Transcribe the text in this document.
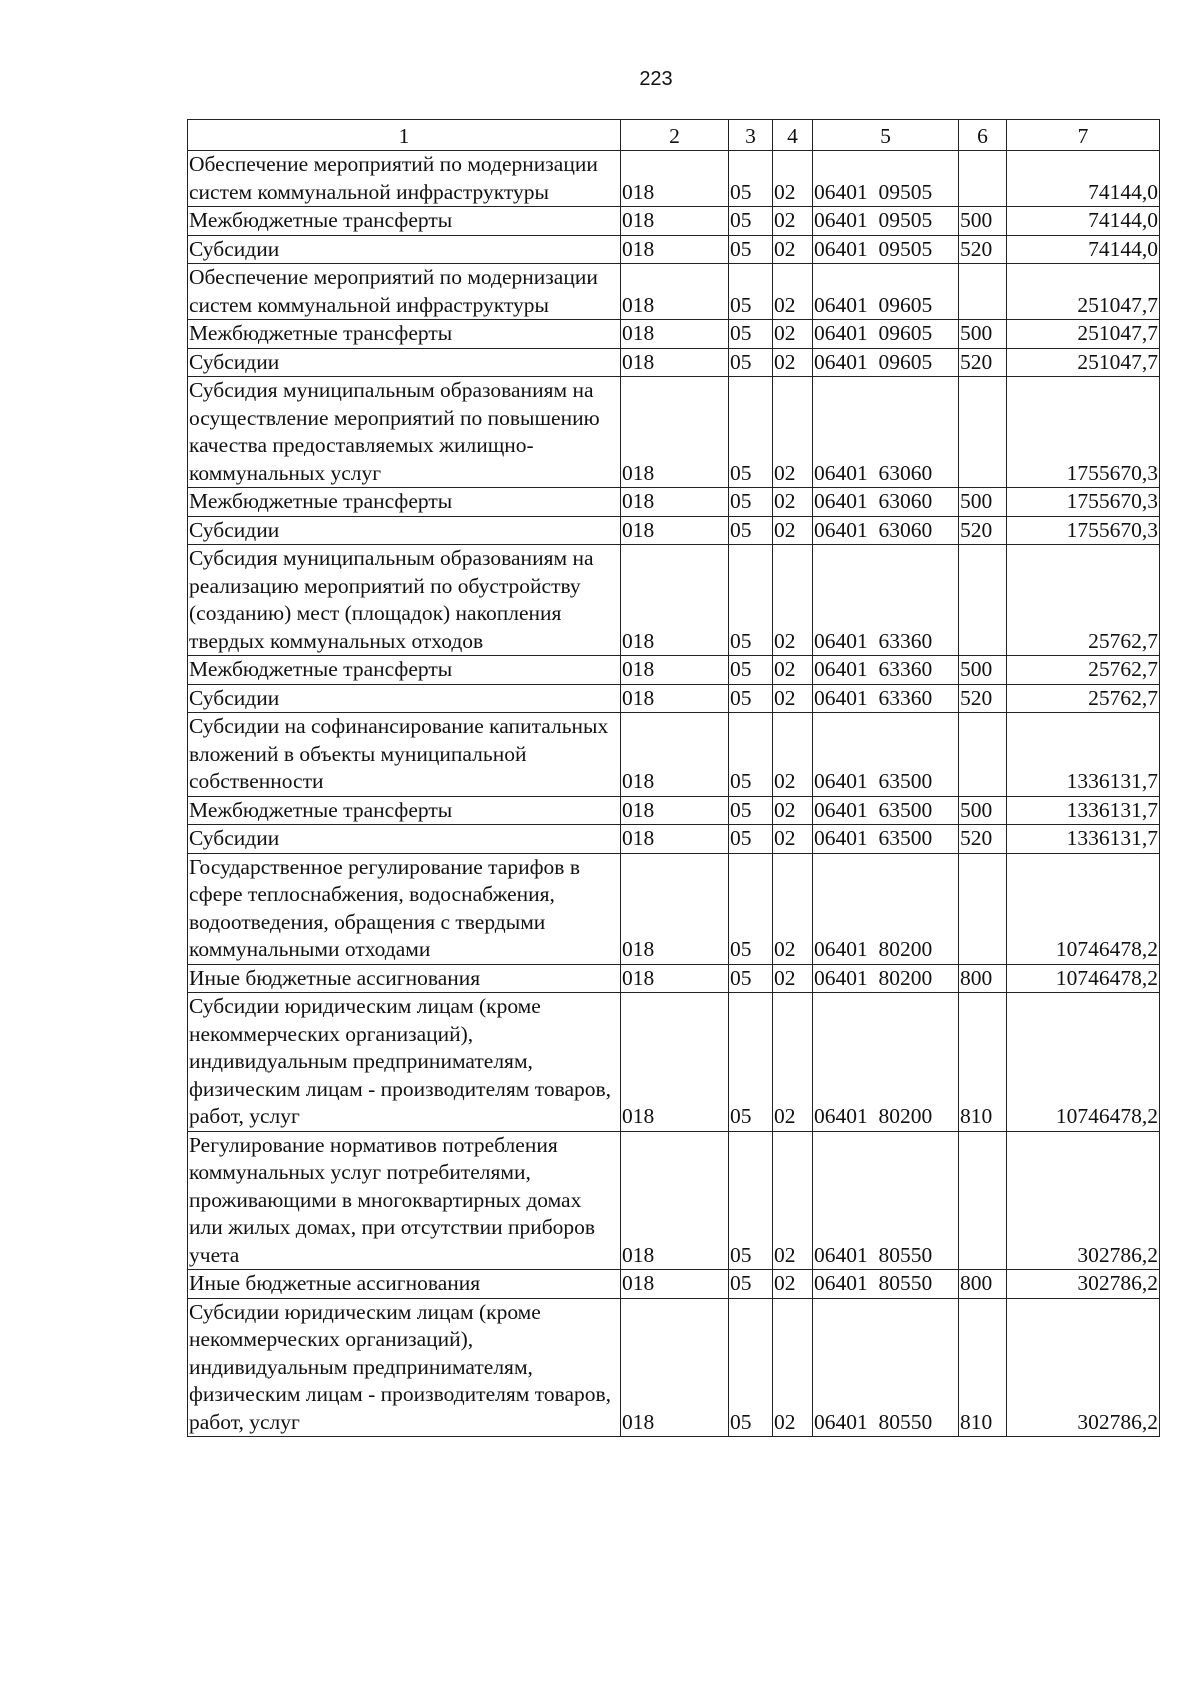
223
1	2	3	4	5	6	7
Обеспечение мероприятий по модернизации систем коммунальной инфраструктуры	018	05	02	06401  09505		74144,0
Межбюджетные трансферты	018	05	02	06401  09505	500	74144,0
Субсидии	018	05	02	06401  09505	520	74144,0
Обеспечение мероприятий по модернизации систем коммунальной инфраструктуры	018	05	02	06401  09605		251047,7
Межбюджетные трансферты	018	05	02	06401  09605	500	251047,7
Субсидии	018	05	02	06401  09605	520	251047,7
Субсидия муниципальным образованиям на осуществление мероприятий по повышению качества предоставляемых жилищно-коммунальных услуг	018	05	02	06401  63060		1755670,3
Межбюджетные трансферты	018	05	02	06401  63060	500	1755670,3
Субсидии	018	05	02	06401  63060	520	1755670,3
Субсидия муниципальным образованиям на реализацию мероприятий по обустройству (созданию) мест (площадок) накопления твердых коммунальных отходов	018	05	02	06401  63360		25762,7
Межбюджетные трансферты	018	05	02	06401  63360	500	25762,7
Субсидии	018	05	02	06401  63360	520	25762,7
Субсидии на софинансирование капитальных вложений в объекты муниципальной собственности	018	05	02	06401  63500		1336131,7
Межбюджетные трансферты	018	05	02	06401  63500	500	1336131,7
Субсидии	018	05	02	06401  63500	520	1336131,7
Государственное регулирование тарифов в сфере теплоснабжения, водоснабжения, водоотведения, обращения с твердыми коммунальными отходами	018	05	02	06401  80200		10746478,2
Иные бюджетные ассигнования	018	05	02	06401  80200	800	10746478,2
Субсидии юридическим лицам (кроме некоммерческих организаций), индивидуальным предпринимателям, физическим лицам - производителям товаров, работ, услуг	018	05	02	06401  80200	810	10746478,2
Регулирование нормативов потребления коммунальных услуг потребителями, проживающими в многоквартирных домах или жилых домах, при отсутствии приборов учета	018	05	02	06401  80550		302786,2
Иные бюджетные ассигнования	018	05	02	06401  80550	800	302786,2
Субсидии юридическим лицам (кроме некоммерческих организаций), индивидуальным предпринимателям, физическим лицам - производителям товаров, работ, услуг	018	05	02	06401  80550	810	302786,2
